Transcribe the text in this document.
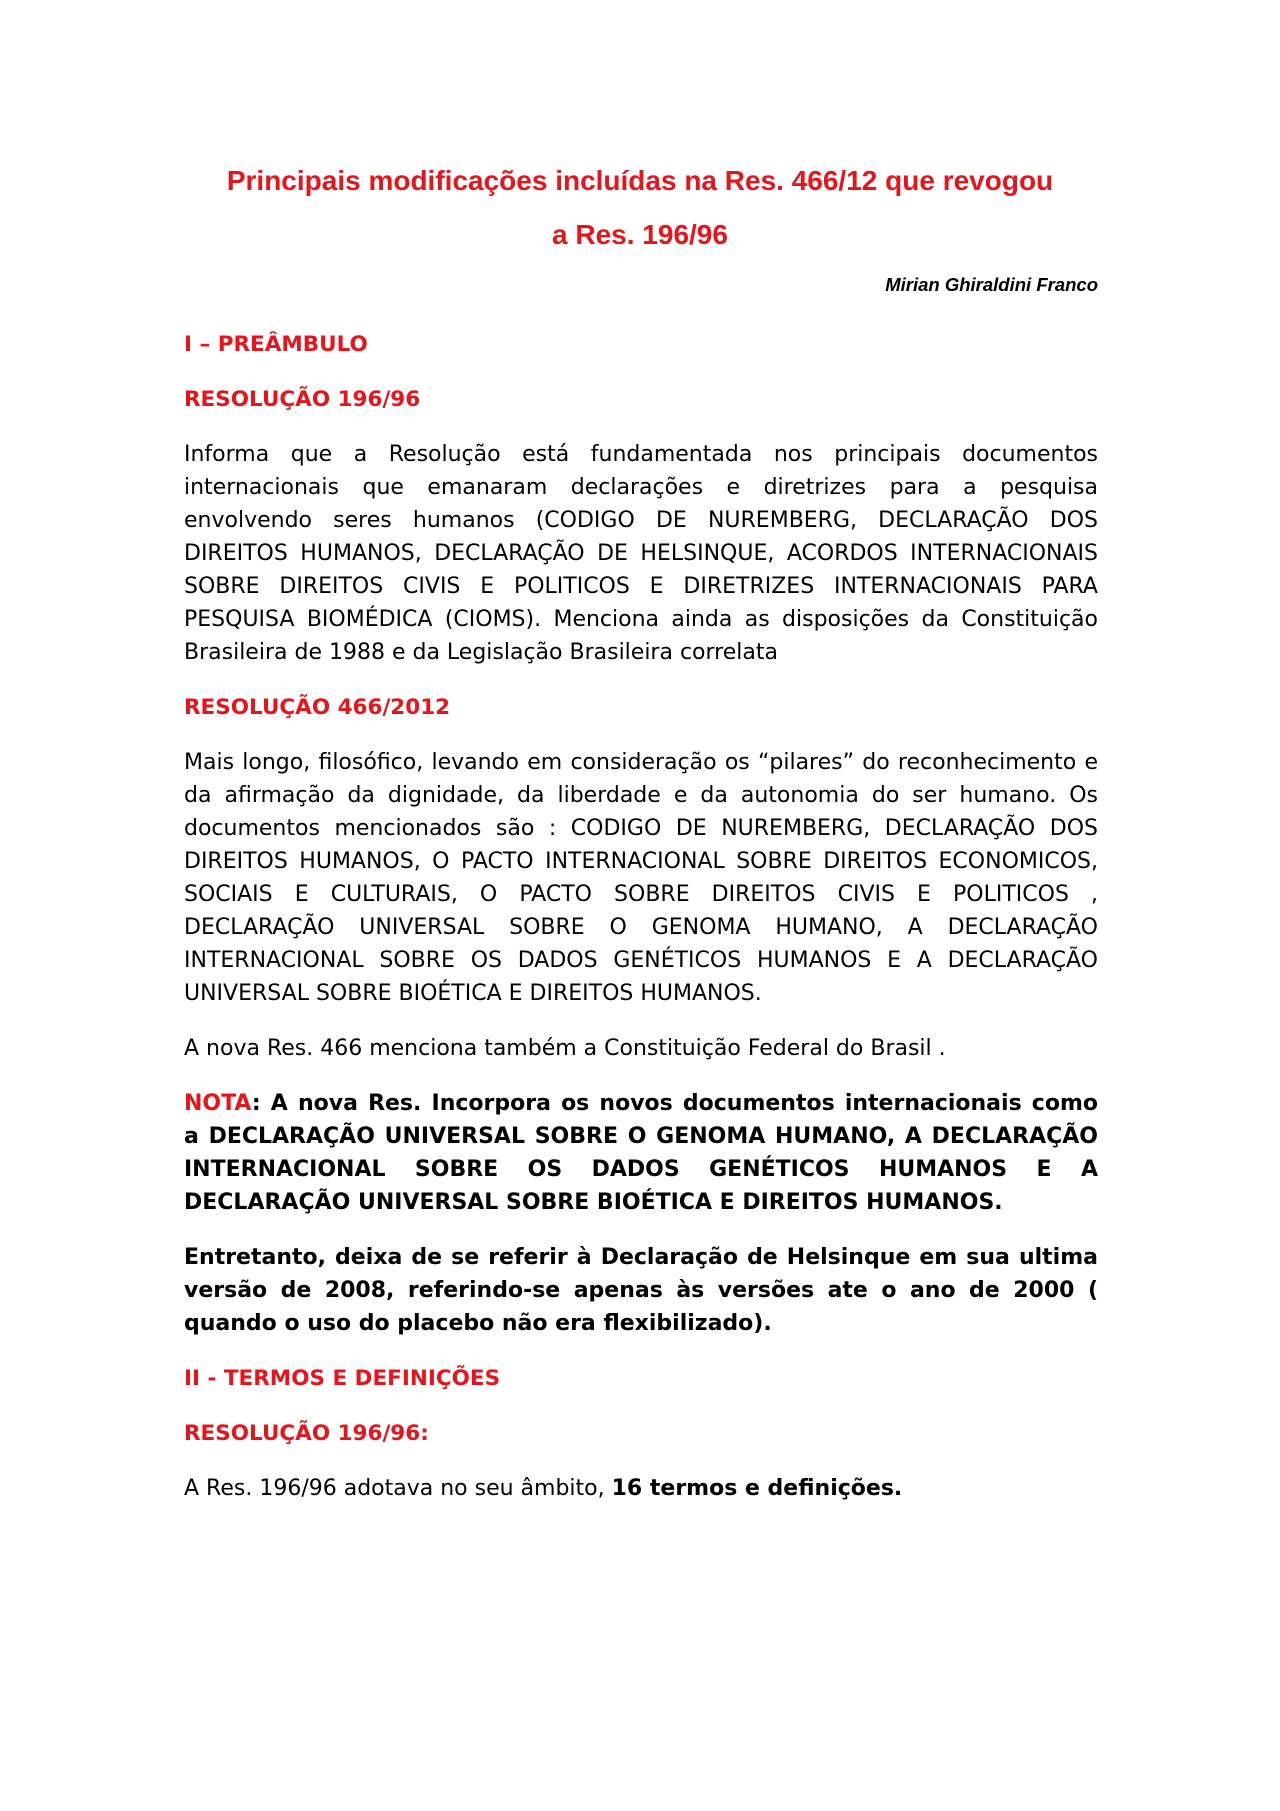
Principais modificações incluídas na Res. 466/12 que revogou
a Res. 196/96

Mirian Ghiraldini Franco

I – PREÂMBULO

RESOLUÇÃO 196/96

Informa que a Resolução está fundamentada nos principais documentos internacionais que emanaram declarações e diretrizes para a pesquisa envolvendo seres humanos (CODIGO DE NUREMBERG, DECLARAÇÃO DOS DIREITOS HUMANOS, DECLARAÇÃO DE HELSINQUE, ACORDOS INTERNACIONAIS SOBRE DIREITOS CIVIS E POLITICOS E DIRETRIZES INTERNACIONAIS PARA PESQUISA BIOMÉDICA (CIOMS). Menciona ainda as disposições da Constituição Brasileira de 1988 e da Legislação Brasileira correlata

RESOLUÇÃO 466/2012

Mais longo, filosófico, levando em consideração os “pilares” do reconhecimento e da afirmação da dignidade, da liberdade e da autonomia do ser humano. Os documentos mencionados são : CODIGO DE NUREMBERG, DECLARAÇÃO DOS DIREITOS HUMANOS, O PACTO INTERNACIONAL SOBRE DIREITOS ECONOMICOS, SOCIAIS E CULTURAIS, O PACTO SOBRE DIREITOS CIVIS E POLITICOS , DECLARAÇÃO UNIVERSAL SOBRE O GENOMA HUMANO, A DECLARAÇÃO INTERNACIONAL SOBRE OS DADOS GENÉTICOS HUMANOS E A DECLARAÇÃO UNIVERSAL SOBRE BIOÉTICA E DIREITOS HUMANOS.

A nova Res. 466 menciona também a Constituição Federal do Brasil .

NOTA: A nova Res. Incorpora os novos documentos internacionais como a DECLARAÇÃO UNIVERSAL SOBRE O GENOMA HUMANO, A DECLARAÇÃO INTERNACIONAL SOBRE OS DADOS GENÉTICOS HUMANOS E A DECLARAÇÃO UNIVERSAL SOBRE BIOÉTICA E DIREITOS HUMANOS.

Entretanto, deixa de se referir à Declaração de Helsinque em sua ultima versão de 2008, referindo-se apenas às versões ate o ano de 2000 ( quando o uso do placebo não era flexibilizado).

II - TERMOS E DEFINIÇÕES

RESOLUÇÃO 196/96:

A Res. 196/96 adotava no seu âmbito, 16 termos e definições.
